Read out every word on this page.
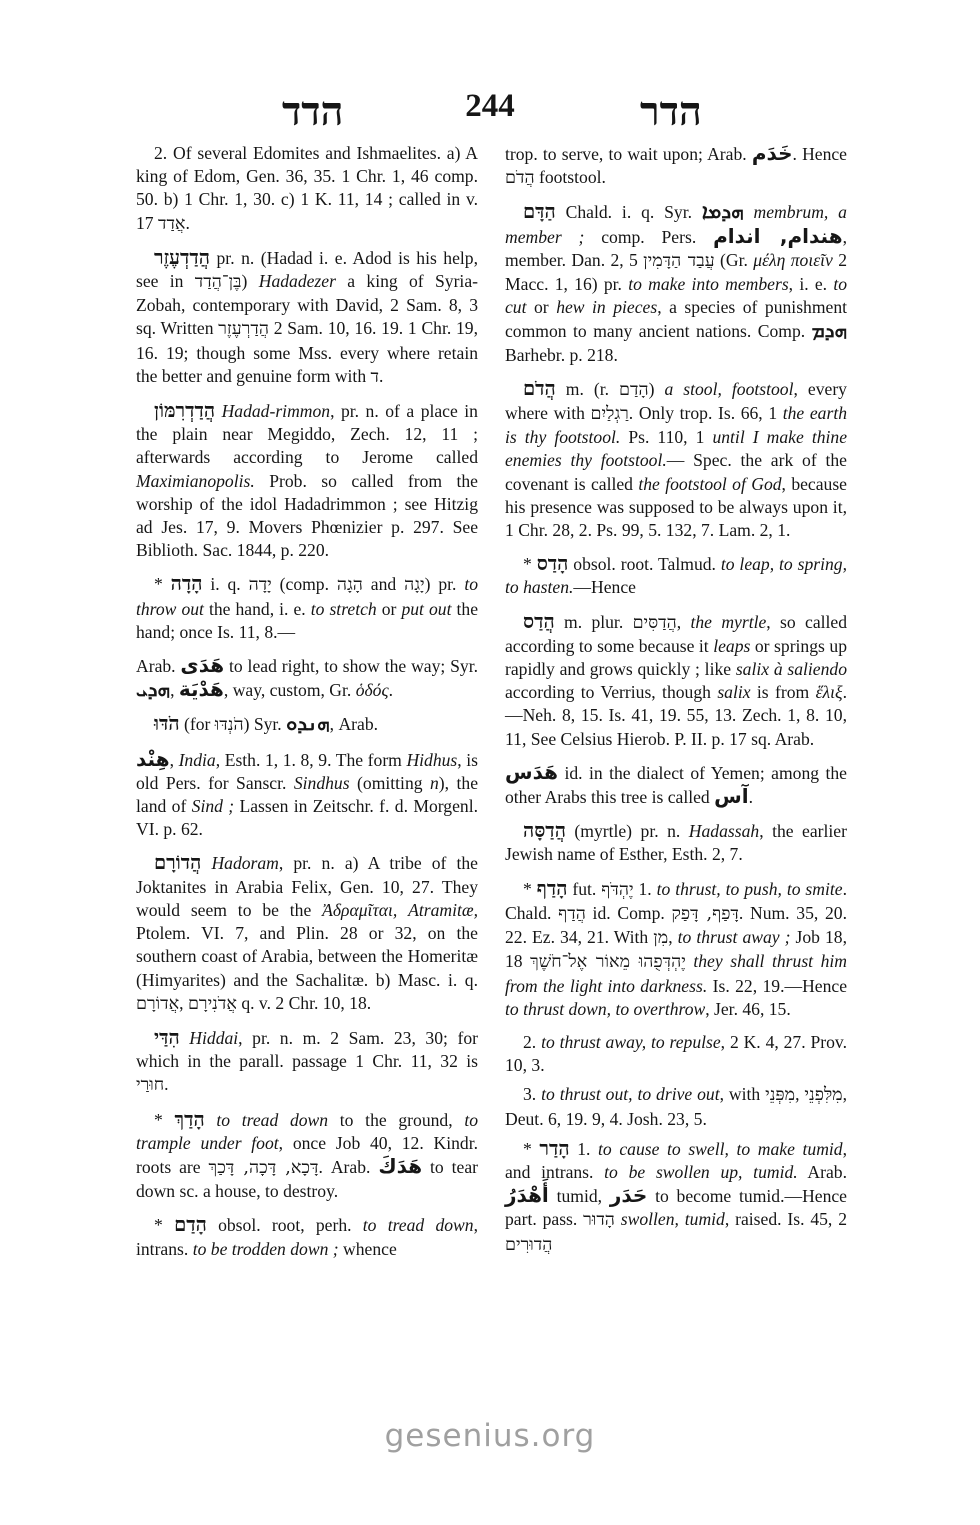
הדד	244	הדר

2. Of several Edomites and Ishmaelites. a) A king of Edom, Gen. 36, 35. 1 Chr. 1, 46 comp. 50. b) 1 Chr. 1, 30. c) 1 K. 11, 14 ; called in v. 17 אֲדַד.

הֲדַדְעֶזֶר pr. n. (Hadad i. e. Adod is his help, see in בֶּן־הֲדַד) Hadadezer a king of Syria-Zobah, contemporary with David, 2 Sam. 8, 3 sq. Written הֲדַרְעֶזֶר 2 Sam. 10, 16. 19. 1 Chr. 19, 16. 19; though some Mss. every where retain the better and genuine form with ד.

הֲדַדְרִמּוֹן Hadad-rimmon, pr. n. of a place in the plain near Megiddo, Zech. 12, 11 ; afterwards according to Jerome called Maximianopolis. Prob. so called from the worship of the idol Hadadrimmon ; see Hitzig ad Jes. 17, 9. Movers Phœnizier p. 297. See Biblioth. Sac. 1844, p. 220.

* הָדָה i. q. יָדָה (comp. הָגָה and יָגָה) pr. to throw out the hand, i. e. to stretch or put out the hand; once Is. 11, 8.—

Arab. هَدَى to lead right, to show the way; Syr. ܗܕܝ, هَدْيَة, way, custom, Gr. ὁδός.

הֹדּוּ (for הֹנְדּוּ) Syr. ܗܢܕܘ, Arab.

هِنْد, India, Esth. 1, 1. 8, 9. The form Hidhus, is old Pers. for Sanscr. Sindhus (omitting n), the land of Sind ; Lassen in Zeitschr. f. d. Morgenl. VI. p. 62.

הֲדוֹרָם Hadoram, pr. n. a) A tribe of the Joktanites in Arabia Felix, Gen. 10, 27. They would seem to be the Ἀδραμῖται, Atramitæ, Ptolem. VI. 7, and Plin. 28 or 32, on the southern coast of Arabia, between the Homeritæ (Himyarites) and the Sachalitæ. b) Masc. i. q. אֲדוֹרָם, אֲדֹנִירָם q. v. 2 Chr. 10, 18.

הִדַּי Hiddai, pr. n. m. 2 Sam. 23, 30; for which in the parall. passage 1 Chr. 11, 32 is חוּרַי.

* הָדַךְ to tread down to the ground, to trample under foot, once Job 40, 12. Kindr. roots are דָּכָא, דָּכָה, דָּכַךְ. Arab. هَدَكَ to tear down sc. a house, to destroy.

* הָדַם obsol. root, perh. to tread down, intrans. to be trodden down ; whence

trop. to serve, to wait upon; Arab. خَدَم. Hence הֲדֹם footstool.

הַדָּם Chald. i. q. Syr. ܗܕܡܐ membrum, a member ; comp. Pers. هندام, اندام, member. Dan. 2, 5 עֲבַד הַדָּמִין (Gr. μέλη ποιεῖν 2 Macc. 1, 16) pr. to make into members, i. e. to cut or hew in pieces, a species of punishment common to many ancient nations. Comp. ܗܕܡ Barhebr. p. 218.

הֲדֹם m. (r. הָדַם) a stool, footstool, every where with רַגְלַיִם. Only trop. Is. 66, 1 the earth is thy footstool. Ps. 110, 1 until I make thine enemies thy footstool.— Spec. the ark of the covenant is called the footstool of God, because his presence was supposed to be always upon it, 1 Chr. 28, 2. Ps. 99, 5. 132, 7. Lam. 2, 1.

* הָדַס obsol. root. Talmud. to leap, to spring, to hasten.—Hence

הֲדַס m. plur. הֲדַסִּים, the myrtle, so called according to some because it leaps or springs up rapidly and grows quickly ; like salix à saliendo according to Verrius, though salix is from ἕλιξ.—Neh. 8, 15. Is. 41, 19. 55, 13. Zech. 1, 8. 10, 11, See Celsius Hierob. P. II. p. 17 sq. Arab.

هَدَس id. in the dialect of Yemen; among the other Arabs this tree is called آس.

הֲדַסָּה (myrtle) pr. n. Hadassah, the earlier Jewish name of Esther, Esth. 2, 7.

* הָדַף fut. יֶהְדֹּף 1. to thrust, to push, to smite. Chald. הֲדַף id. Comp. דָּפַף, דָּפַק. Num. 35, 20. 22. Ez. 34, 21. With מִן, to thrust away ; Job 18, 18 יֶהְדְּפֻהוּ מֵאוֹר אֶל־חֹשֶׁךְ they shall thrust him from the light into darkness. Is. 22, 19.—Hence to thrust down, to overthrow, Jer. 46, 15.

2. to thrust away, to repulse, 2 K. 4, 27. Prov. 10, 3.

3. to thrust out, to drive out, with מִפְּנֵי, מִלִּפְנֵי, Deut. 6, 19. 9, 4. Josh. 23, 5.

* הָדַר 1. to cause to swell, to make tumid, and intrans. to be swollen up, tumid. Arab. أَهْدَرُ tumid, حَدَر to become tumid.—Hence part. pass. הָדוּר swollen, tumid, raised. Is. 45, 2 הֲדוּרִים

gesenius.org
